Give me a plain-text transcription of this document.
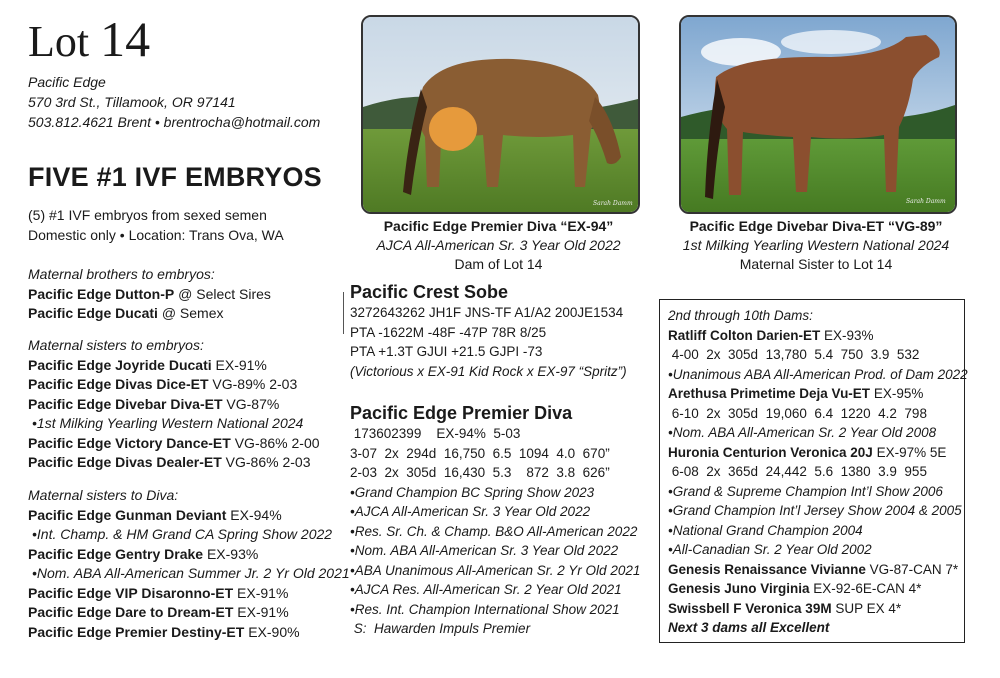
Lot 14
Pacific Edge
570 3rd St., Tillamook, OR 97141
503.812.4621 Brent • brentrocha@hotmail.com
FIVE #1 IVF EMBRYOS
(5) #1 IVF embryos from sexed semen
Domestic only • Location: Trans Ova, WA
Maternal brothers to embryos:
Pacific Edge Dutton-P @ Select Sires
Pacific Edge Ducati @ Semex
Maternal sisters to embryos:
Pacific Edge Joyride Ducati EX-91%
Pacific Edge Divas Dice-ET VG-89% 2-03
Pacific Edge Divebar Diva-ET VG-87%
•1st Milking Yearling Western National 2024
Pacific Edge Victory Dance-ET VG-86% 2-00
Pacific Edge Divas Dealer-ET VG-86% 2-03
Maternal sisters to Diva:
Pacific Edge Gunman Deviant EX-94%
•Int. Champ. & HM Grand CA Spring Show 2022
Pacific Edge Gentry Drake EX-93%
•Nom. ABA All-American Summer Jr. 2 Yr Old 2021
Pacific Edge VIP Disaronno-ET EX-91%
Pacific Edge Dare to Dream-ET EX-91%
Pacific Edge Premier Destiny-ET EX-90%
Sarah Damm
Pacific Edge Premier Diva “EX-94”
AJCA All-American Sr. 3 Year Old 2022
Dam of Lot 14
Sarah Damm
Pacific Edge Divebar Diva-ET “VG-89”
1st Milking Yearling Western National 2024
Maternal Sister to Lot 14
Pacific Crest Sobe
3272643262 JH1F JNS-TF A1/A2 200JE1534
PTA -1622M -48F -47P 78R 8/25
PTA +1.3T GJUI +21.5 GJPI -73
(Victorious x EX-91 Kid Rock x EX-97 “Spritz”)
Pacific Edge Premier Diva
173602399    EX-94%  5-03
3-07  2x  294d  16,750  6.5  1094  4.0  670”
2-03  2x  305d  16,430  5.3    872  3.8  626”
•Grand Champion BC Spring Show 2023
•AJCA All-American Sr. 3 Year Old 2022
•Res. Sr. Ch. & Champ. B&O All-American 2022
•Nom. ABA All-American Sr. 3 Year Old 2022
•ABA Unanimous All-American Sr. 2 Yr Old 2021
•AJCA Res. All-American Sr. 2 Year Old 2021
•Res. Int. Champion International Show 2021
S:  Hawarden Impuls Premier
2nd through 10th Dams:
Ratliff Colton Darien-ET EX-93%
4-00  2x  305d  13,780  5.4  750  3.9  532
•Unanimous ABA All-American Prod. of Dam 2022
Arethusa Primetime Deja Vu-ET EX-95%
6-10  2x  305d  19,060  6.4  1220  4.2  798
•Nom. ABA All-American Sr. 2 Year Old 2008
Huronia Centurion Veronica 20J EX-97% 5E
6-08  2x  365d  24,442  5.6  1380  3.9  955
•Grand & Supreme Champion Int’l Show 2006
•Grand Champion Int’l Jersey Show 2004 & 2005
•National Grand Champion 2004
•All-Canadian Sr. 2 Year Old 2002
Genesis Renaissance Vivianne VG-87-CAN 7*
Genesis Juno Virginia EX-92-6E-CAN 4*
Swissbell F Veronica 39M SUP EX 4*
Next 3 dams all Excellent
